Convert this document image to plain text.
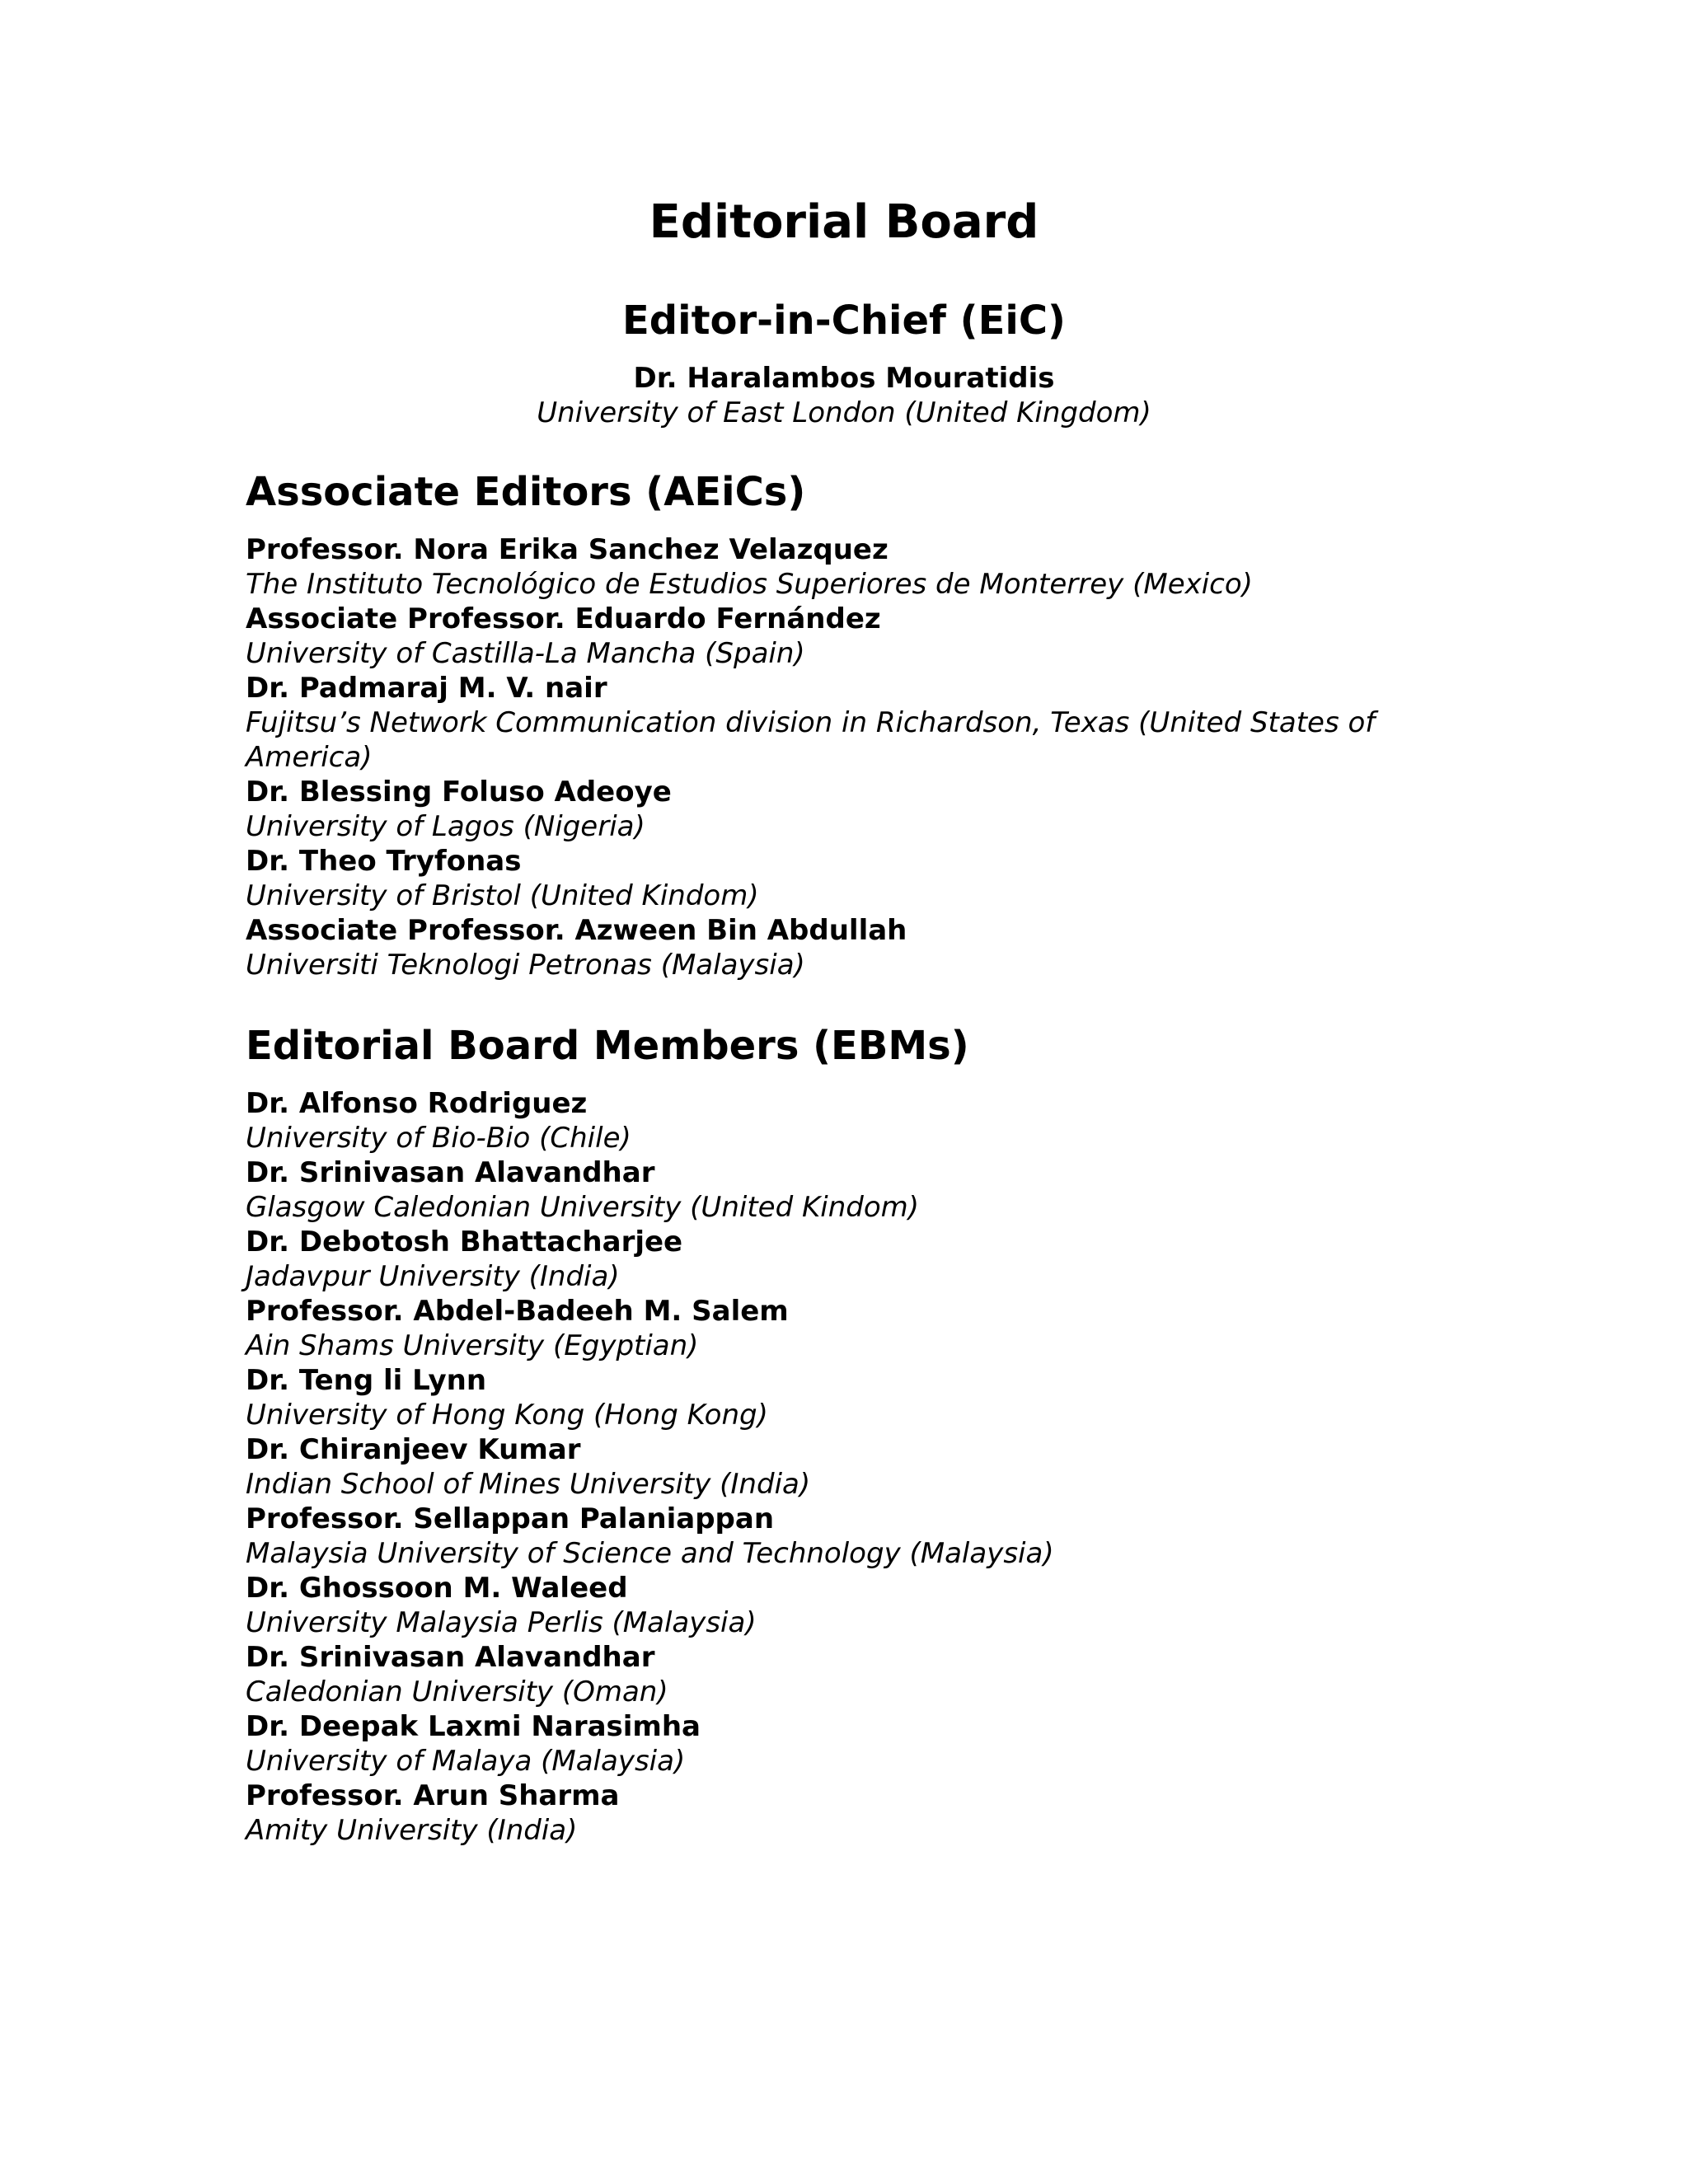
Editorial Board
Editor-in-Chief (EiC)
Dr. Haralambos Mouratidis
University of East London (United Kingdom)
Associate Editors (AEiCs)
Professor. Nora Erika Sanchez Velazquez
The Instituto Tecnológico de Estudios Superiores de Monterrey (Mexico)
Associate Professor. Eduardo Fernández
University of Castilla-La Mancha (Spain)
Dr. Padmaraj M. V. nair
Fujitsu’s Network Communication division in Richardson, Texas (United States of America)
Dr. Blessing Foluso Adeoye
University of Lagos (Nigeria)
Dr. Theo Tryfonas
University of Bristol (United Kindom)
Associate Professor. Azween Bin Abdullah
Universiti Teknologi Petronas (Malaysia)
Editorial Board Members (EBMs)
Dr. Alfonso Rodriguez
University of Bio-Bio (Chile)
Dr. Srinivasan Alavandhar
Glasgow Caledonian University (United Kindom)
Dr. Debotosh Bhattacharjee
Jadavpur University (India)
Professor. Abdel-Badeeh M. Salem
Ain Shams University (Egyptian)
Dr. Teng li Lynn
University of Hong Kong (Hong Kong)
Dr. Chiranjeev Kumar
Indian School of Mines University (India)
Professor. Sellappan Palaniappan
Malaysia University of Science and Technology (Malaysia)
Dr. Ghossoon M. Waleed
University Malaysia Perlis (Malaysia)
Dr. Srinivasan Alavandhar
Caledonian University (Oman)
Dr. Deepak Laxmi Narasimha
University of Malaya (Malaysia)
Professor. Arun Sharma
Amity University (India)
